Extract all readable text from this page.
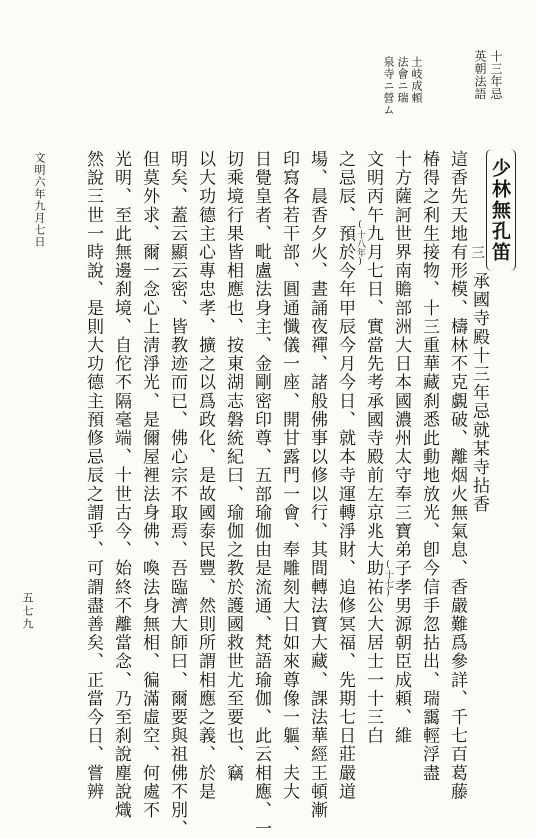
十三年忌
英朝法語
土岐成頼
法會ニ瑞
泉寺ニ營ム
少林無孔笛
三
承國寺殿十三年忌就某寺拈香
這香先天地有形模、檮林不克覷破、離烟火無氣息、香嚴難爲參詳、千七百葛藤
椿得之利生接物、十三重華藏刹悉此動地放光、卽今信手忽拈出、瑞靄輕浮盡
十方薩訶世界南贍部洲大日本國濃州太守奉三寶弟子孝男源朝臣成頼、維
文明丙午九月七日、實當先考承國寺殿前左京兆大助祐公大居士一十三白
之忌辰、預於今年甲辰今月今日、就本寺運轉淨財、追修冥福、先期七日莊嚴道
場、晨香夕火、晝誦夜禪、諸般佛事以修以行、其間轉法寶大藏、課法華經王頓漸
印寫各若干部、圓通懺儀一座、開甘露門一會、奉雕刻大日如來尊像一軀、夫大
日覺皇者、毗盧法身主、金剛密印尊、五部瑜伽由是流通、梵語瑜伽、此云相應、一
切乘境行果皆相應也、按東湖志磐統紀曰、瑜伽之教於護國救世尤至要也、竊
以大功德主心專忠孝、擴之以爲政化、是故國泰民豐、然則所謂相應之義、於是
明矣、蓋云顯云密、皆教迹而已、佛心宗不取焉、吾臨濟大師曰、爾要與祖佛不別、
但莫外求、爾一念心上淸淨光、是儞屋裡法身佛、喚法身無相、徧滿虛空、何處不
光明、至此無邊刹境、自佗不隔毫端、十世古今、始終不離當念、乃至刹說塵說熾
然說三世一時說、是則大功德主預修忌辰之謂乎、可謂盡善矣、正當今日、嘗辨	(十七)
(十八年)
文明六年九月七日
五七九
